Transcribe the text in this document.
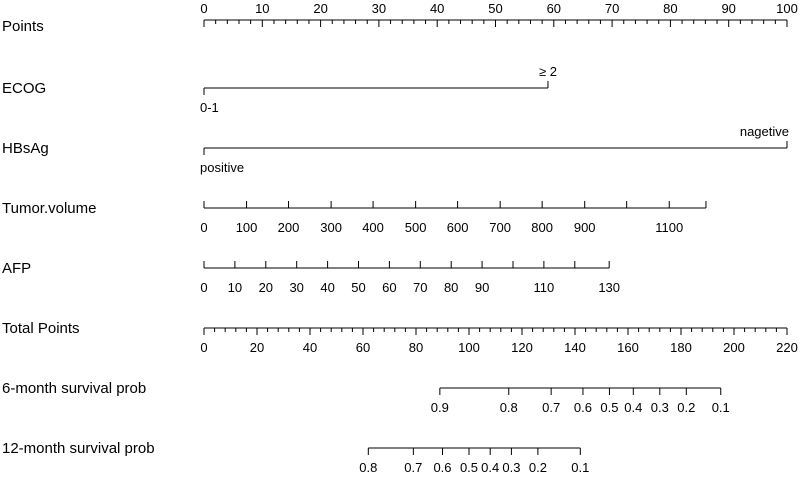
Points
0	10	20	30	40	50	60	70	80	90	100
ECOG
0-1
≥ 2
HBsAg
positive
nagetive
Tumor.volume
0 100 200 300 400 500 600 700 800 900	1100
AFP
0 10 20 30 40 50 60 70 80 90	110	130
Total Points
0	20	40	60	80	100 120 140 160 180 200 220
6-month survival prob
0.9	0.8 0.7 0.6 0.5 0.4 0.3 0.2 0.1
12-month survival prob
0.8 0.7 0.6 0.5 0.4 0.3 0.2 0.1
